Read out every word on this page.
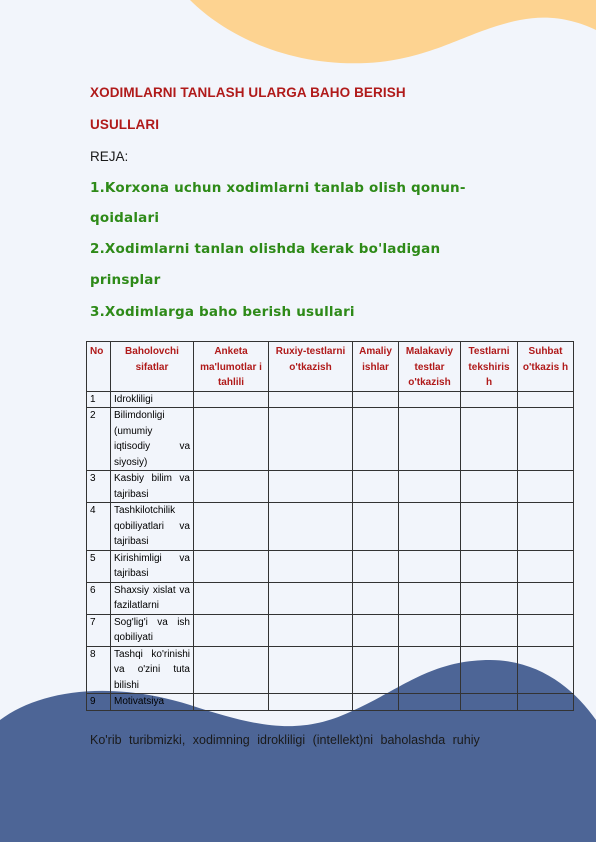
XODIMLARNI TANLASH ULARGA BAHO BERISH
USULLARI
REJA:
1.Korxona uchun xodimlarni tanlab olish qonun-
qoidalari
2.Xodimlarni tanlan olishda kerak bo'ladigan
prinsplar
3.Xodimlarga baho berish usullari
No	Baholovchi sifatlar	Anketa ma'lumotlar i tahlili	Ruxiy-testlarni o'tkazish	Amaliy ishlar	Malakaviy testlar o'tkazish	Testlarni tekshiris h	Suhbat o'tkazis h
1	Idrokliligi						
2	Bilimdonligi (umumiy iqtisodiy va siyosiy)						
3	Kasbiy bilim va tajribasi						
4	Tashkilotchilik qobiliyatlari va tajribasi						
5	Kirishimligi va tajribasi						
6	Shaxsiy xislat va fazilatlarni						
7	Sog'lig'i va ish qobiliyati						
8	Tashqi ko'rinishi va o'zini tuta bilishi						
9	Motivatsiya						
Ko'rib turibmizki, xodimning idrokliligi (intellekt)ni baholashda ruhiy
